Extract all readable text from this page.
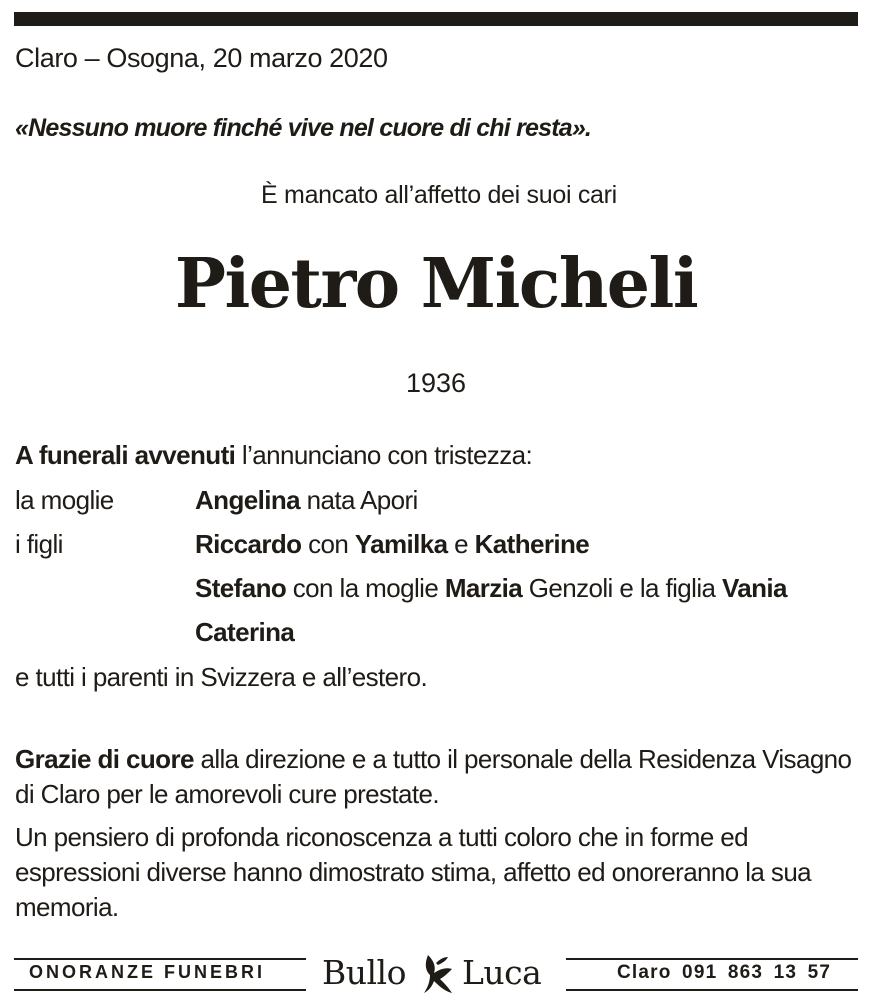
Claro – Osogna, 20 marzo 2020
«Nessuno muore finché vive nel cuore di chi resta».
È mancato all’affetto dei suoi cari
Pietro Micheli
1936
A funerali avvenuti l’annunciano con tristezza:
la moglie	Angelina nata Apori
i figli	Riccardo con Yamilka e Katherine
Stefano con la moglie Marzia Genzoli e la figlia Vania
Caterina
e tutti i parenti in Svizzera e all’estero.
Grazie di cuore alla direzione e a tutto il personale della Residenza Visagno di Claro per le amorevoli cure prestate.
Un pensiero di profonda riconoscenza a tutti coloro che in forme ed espressioni diverse hanno dimostrato stima, affetto ed onoreranno la sua memoria.
ONORANZE FUNEBRI Bullo Luca	Claro 091 863 13 57
